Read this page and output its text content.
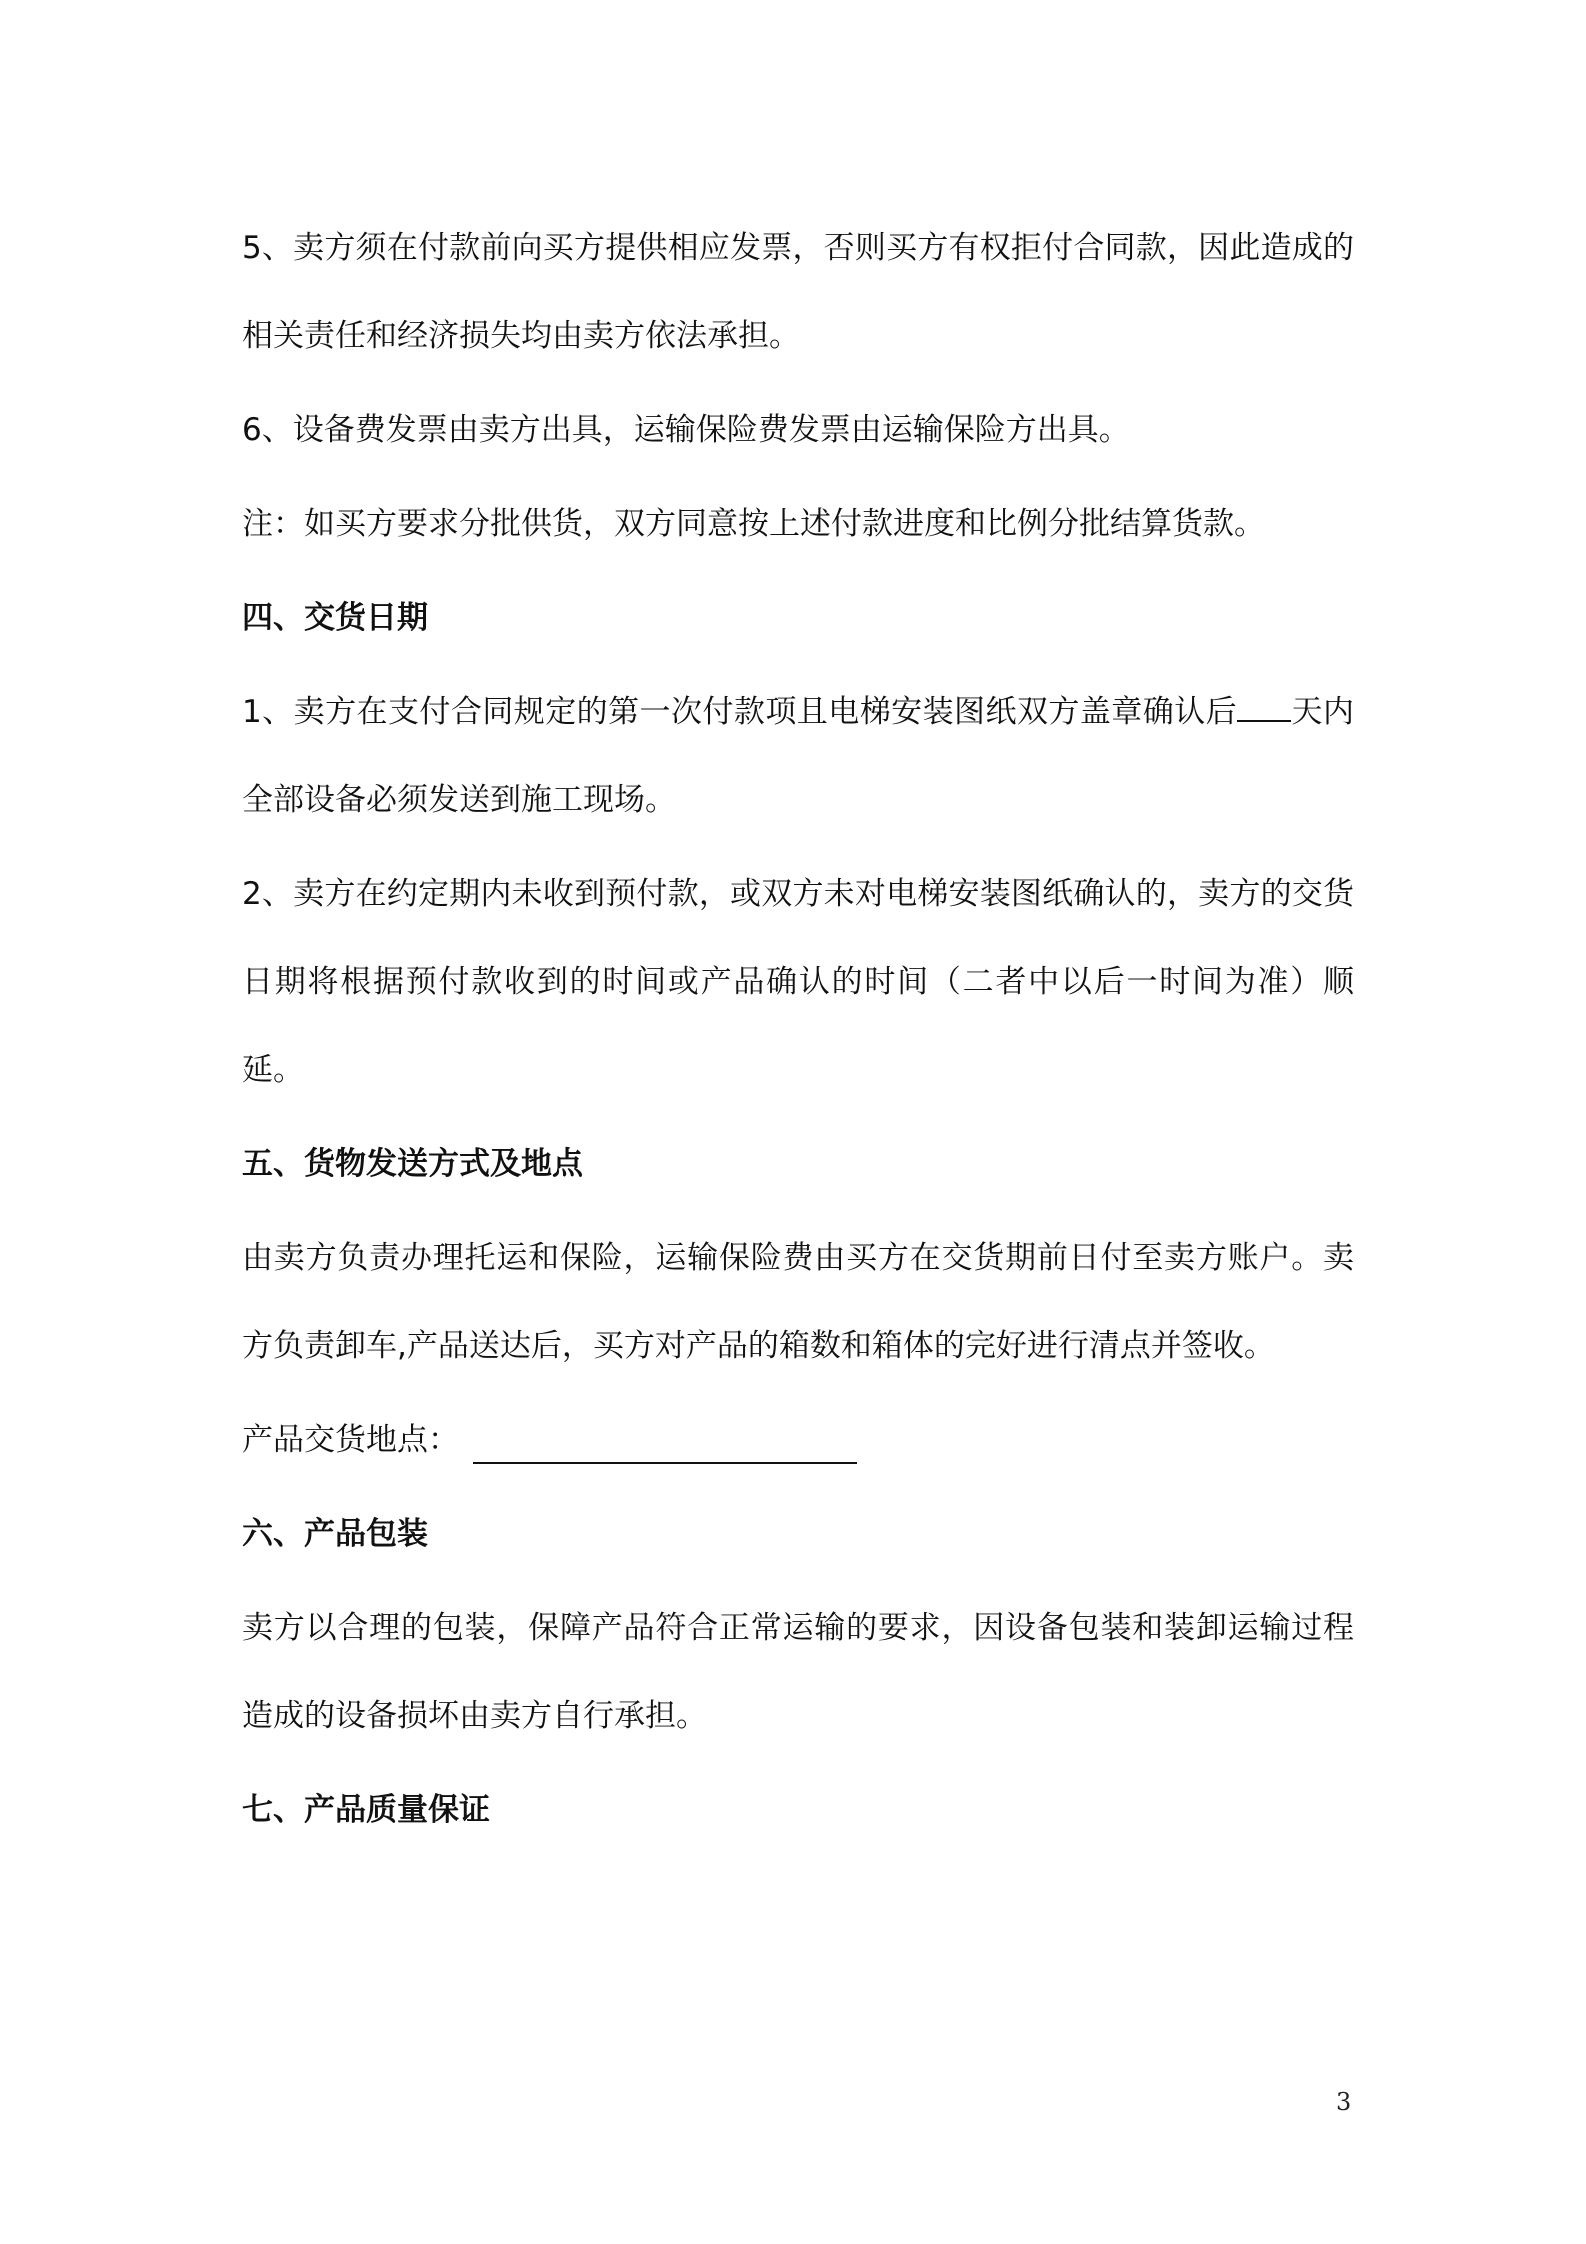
5、卖方须在付款前向买方提供相应发票，否则买方有权拒付合同款，因此造成的相关责任和经济损失均由卖方依法承担。

6、设备费发票由卖方出具，运输保险费发票由运输保险方出具。

注：如买方要求分批供货，双方同意按上述付款进度和比例分批结算货款。

四、交货日期

1、卖方在支付合同规定的第一次付款项且电梯安装图纸双方盖章确认后 天内全部设备必须发送到施工现场。

2、卖方在约定期内未收到预付款，或双方未对电梯安装图纸确认的，卖方的交货日期将根据预付款收到的时间或产品确认的时间（二者中以后一时间为准）顺延。

五、货物发送方式及地点

由卖方负责办理托运和保险，运输保险费由买方在交货期前日付至卖方账户。卖方负责卸车,产品送达后，买方对产品的箱数和箱体的完好进行清点并签收。

产品交货地点：

六、产品包装

卖方以合理的包装，保障产品符合正常运输的要求，因设备包装和装卸运输过程造成的设备损坏由卖方自行承担。

七、产品质量保证

3
